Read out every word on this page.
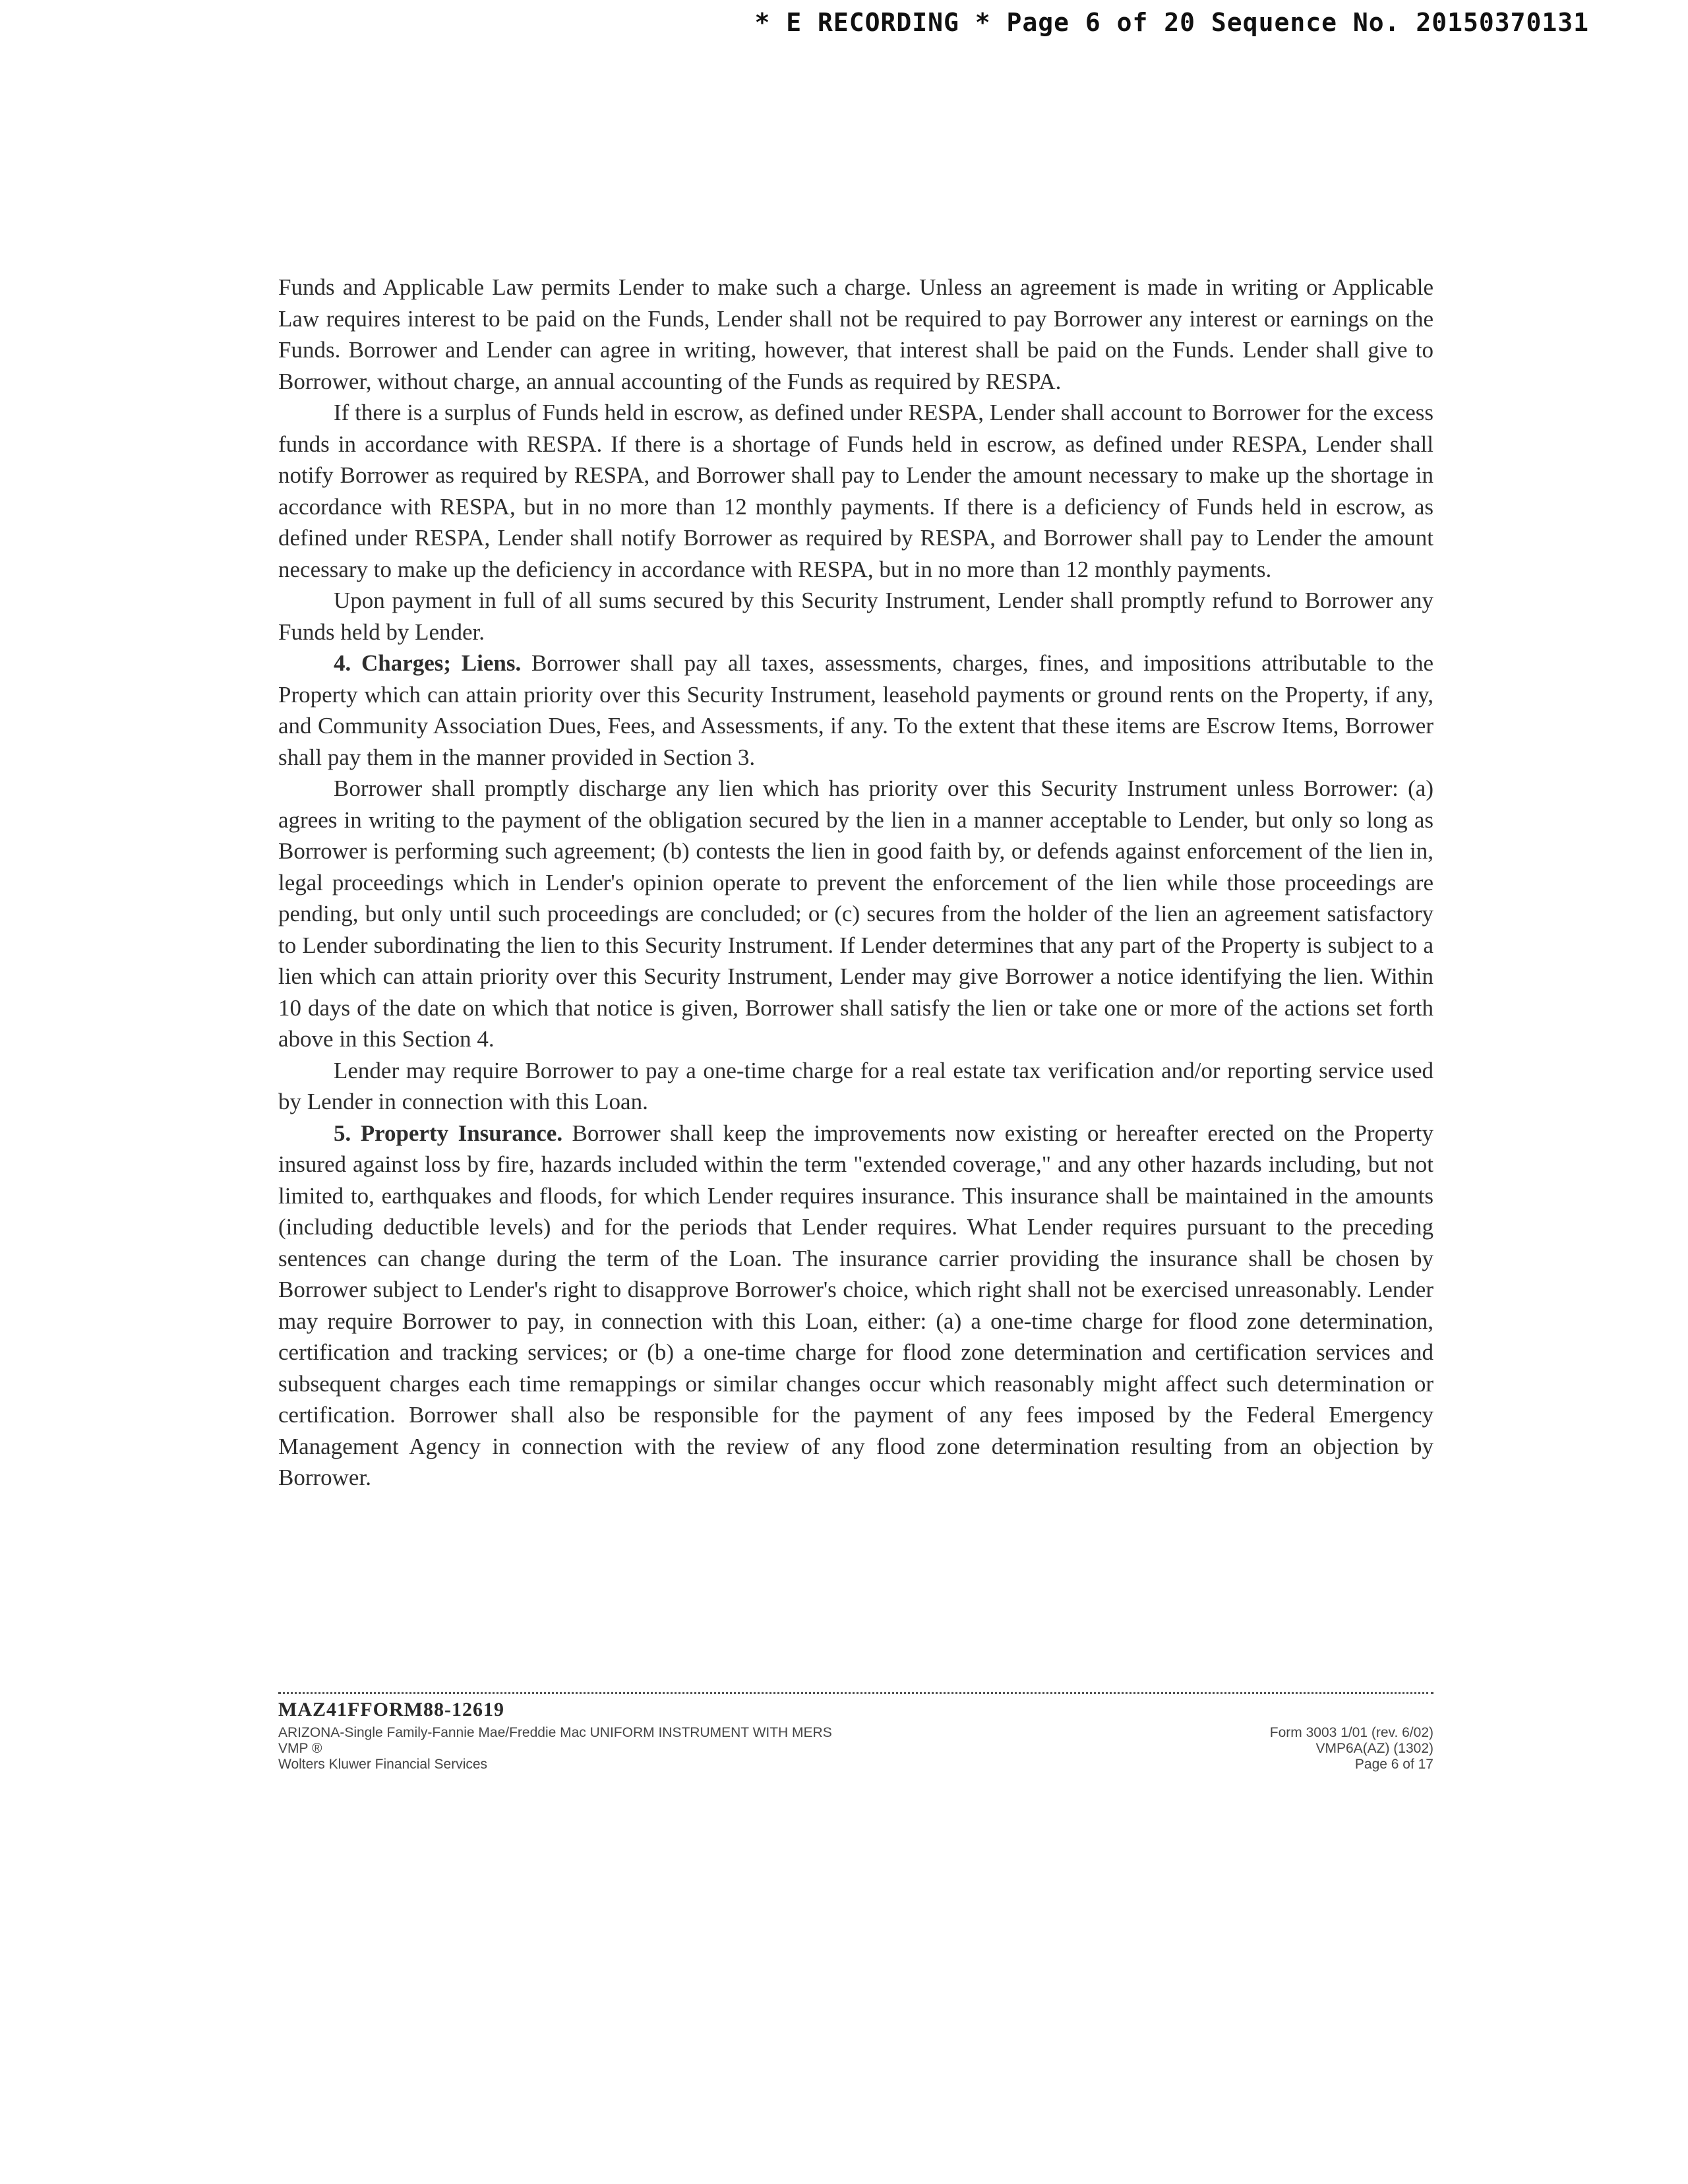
* E RECORDING * Page 6 of 20 Sequence No. 20150370131

Funds and Applicable Law permits Lender to make such a charge. Unless an agreement is made in writing or Applicable Law requires interest to be paid on the Funds, Lender shall not be required to pay Borrower any interest or earnings on the Funds. Borrower and Lender can agree in writing, however, that interest shall be paid on the Funds. Lender shall give to Borrower, without charge, an annual accounting of the Funds as required by RESPA.

If there is a surplus of Funds held in escrow, as defined under RESPA, Lender shall account to Borrower for the excess funds in accordance with RESPA. If there is a shortage of Funds held in escrow, as defined under RESPA, Lender shall notify Borrower as required by RESPA, and Borrower shall pay to Lender the amount necessary to make up the shortage in accordance with RESPA, but in no more than 12 monthly payments. If there is a deficiency of Funds held in escrow, as defined under RESPA, Lender shall notify Borrower as required by RESPA, and Borrower shall pay to Lender the amount necessary to make up the deficiency in accordance with RESPA, but in no more than 12 monthly payments.

Upon payment in full of all sums secured by this Security Instrument, Lender shall promptly refund to Borrower any Funds held by Lender.

4. Charges; Liens. Borrower shall pay all taxes, assessments, charges, fines, and impositions attributable to the Property which can attain priority over this Security Instrument, leasehold payments or ground rents on the Property, if any, and Community Association Dues, Fees, and Assessments, if any. To the extent that these items are Escrow Items, Borrower shall pay them in the manner provided in Section 3.

Borrower shall promptly discharge any lien which has priority over this Security Instrument unless Borrower: (a) agrees in writing to the payment of the obligation secured by the lien in a manner acceptable to Lender, but only so long as Borrower is performing such agreement; (b) contests the lien in good faith by, or defends against enforcement of the lien in, legal proceedings which in Lender's opinion operate to prevent the enforcement of the lien while those proceedings are pending, but only until such proceedings are concluded; or (c) secures from the holder of the lien an agreement satisfactory to Lender subordinating the lien to this Security Instrument. If Lender determines that any part of the Property is subject to a lien which can attain priority over this Security Instrument, Lender may give Borrower a notice identifying the lien. Within 10 days of the date on which that notice is given, Borrower shall satisfy the lien or take one or more of the actions set forth above in this Section 4.

Lender may require Borrower to pay a one-time charge for a real estate tax verification and/or reporting service used by Lender in connection with this Loan.

5. Property Insurance. Borrower shall keep the improvements now existing or hereafter erected on the Property insured against loss by fire, hazards included within the term "extended coverage," and any other hazards including, but not limited to, earthquakes and floods, for which Lender requires insurance. This insurance shall be maintained in the amounts (including deductible levels) and for the periods that Lender requires. What Lender requires pursuant to the preceding sentences can change during the term of the Loan. The insurance carrier providing the insurance shall be chosen by Borrower subject to Lender's right to disapprove Borrower's choice, which right shall not be exercised unreasonably. Lender may require Borrower to pay, in connection with this Loan, either: (a) a one-time charge for flood zone determination, certification and tracking services; or (b) a one-time charge for flood zone determination and certification services and subsequent charges each time remappings or similar changes occur which reasonably might affect such determination or certification. Borrower shall also be responsible for the payment of any fees imposed by the Federal Emergency Management Agency in connection with the review of any flood zone determination resulting from an objection by Borrower.

MAZ41FFORM88-12619
ARIZONA-Single Family-Fannie Mae/Freddie Mac UNIFORM INSTRUMENT WITH MERS
VMP ®
Wolters Kluwer Financial Services
Form 3003 1/01 (rev. 6/02)
VMP6A(AZ) (1302)
Page 6 of 17
